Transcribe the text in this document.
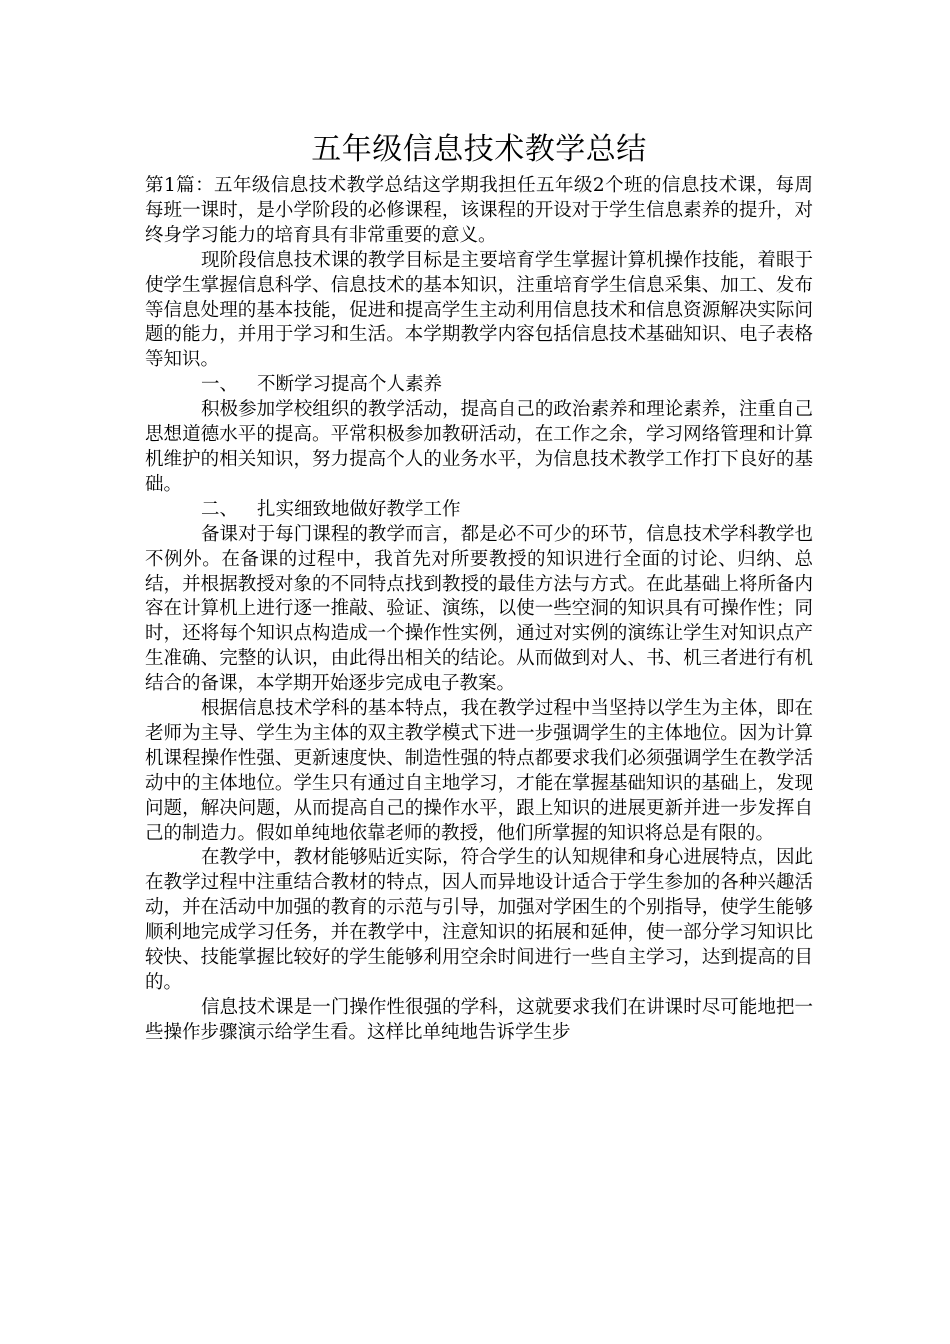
五年级信息技术教学总结

第1篇：五年级信息技术教学总结这学期我担任五年级2个班的信息技术课，每周每班一课时，是小学阶段的必修课程，该课程的开设对于学生信息素养的提升，对终身学习能力的培育具有非常重要的意义。

现阶段信息技术课的教学目标是主要培育学生掌握计算机操作技能，着眼于使学生掌握信息科学、信息技术的基本知识，注重培育学生信息采集、加工、发布等信息处理的基本技能，促进和提高学生主动利用信息技术和信息资源解决实际问题的能力，并用于学习和生活。本学期教学内容包括信息技术基础知识、电子表格等知识。

一、 不断学习提高个人素养

积极参加学校组织的教学活动，提高自己的政治素养和理论素养，注重自己思想道德水平的提高。平常积极参加教研活动，在工作之余，学习网络管理和计算机维护的相关知识，努力提高个人的业务水平，为信息技术教学工作打下良好的基础。

二、 扎实细致地做好教学工作

备课对于每门课程的教学而言，都是必不可少的环节，信息技术学科教学也不例外。在备课的过程中，我首先对所要教授的知识进行全面的讨论、归纳、总结，并根据教授对象的不同特点找到教授的最佳方法与方式。在此基础上将所备内容在计算机上进行逐一推敲、验证、演练，以使一些空洞的知识具有可操作性；同时，还将每个知识点构造成一个操作性实例，通过对实例的演练让学生对知识点产生准确、完整的认识，由此得出相关的结论。从而做到对人、书、机三者进行有机结合的备课，本学期开始逐步完成电子教案。

根据信息技术学科的基本特点，我在教学过程中当坚持以学生为主体，即在老师为主导、学生为主体的双主教学模式下进一步强调学生的主体地位。因为计算机课程操作性强、更新速度快、制造性强的特点都要求我们必须强调学生在教学活动中的主体地位。学生只有通过自主地学习，才能在掌握基础知识的基础上，发现问题，解决问题，从而提高自己的操作水平，跟上知识的进展更新并进一步发挥自己的制造力。假如单纯地依靠老师的教授，他们所掌握的知识将总是有限的。

在教学中，教材能够贴近实际，符合学生的认知规律和身心进展特点，因此在教学过程中注重结合教材的特点，因人而异地设计适合于学生参加的各种兴趣活动，并在活动中加强的教育的示范与引导，加强对学困生的个别指导，使学生能够顺利地完成学习任务，并在教学中，注意知识的拓展和延伸，使一部分学习知识比较快、技能掌握比较好的学生能够利用空余时间进行一些自主学习，达到提高的目的。

信息技术课是一门操作性很强的学科，这就要求我们在讲课时尽可能地把一些操作步骤演示给学生看。这样比单纯地告诉学生步
